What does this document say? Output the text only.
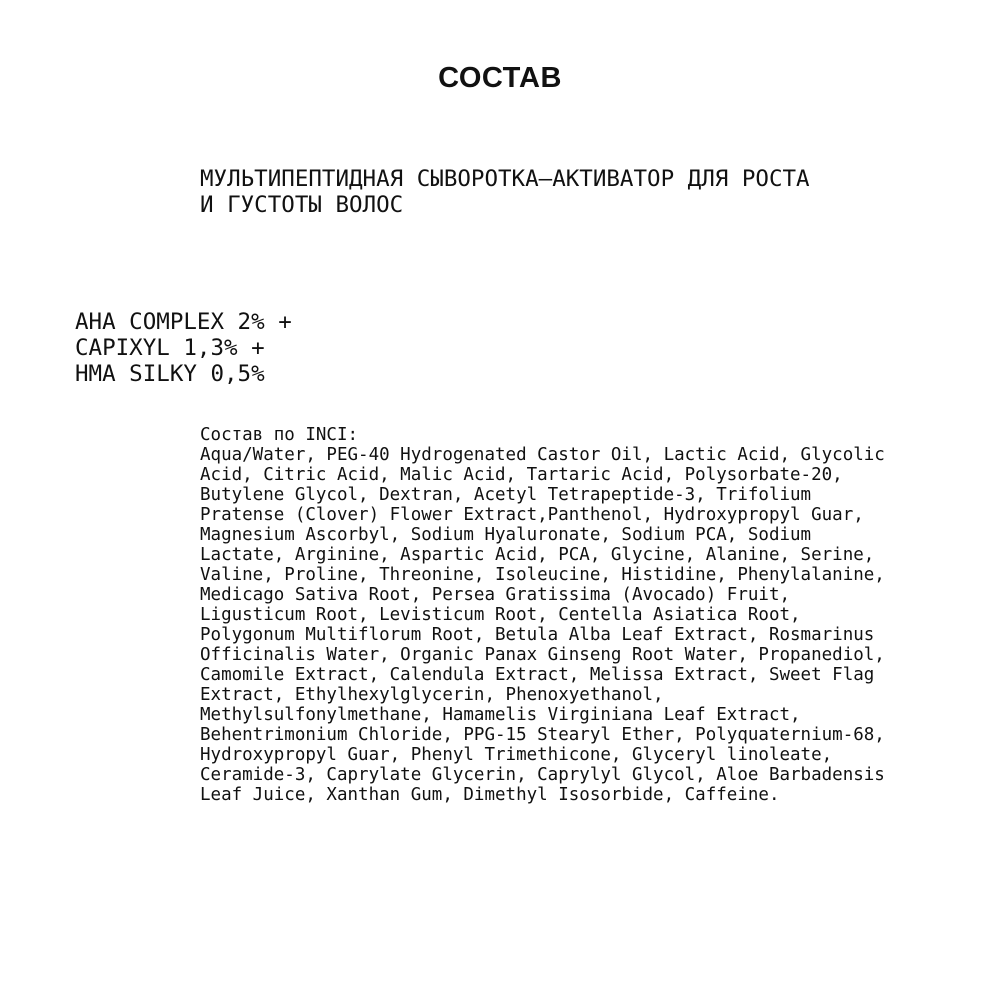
СОСТАВ

МУЛЬТИПЕПТИДНАЯ СЫВОРОТКА–АКТИВАТОР ДЛЯ РОСТА
И ГУСТОТЫ ВОЛОС

AHA COMPLEX 2% +
CAPIXYL 1,3% +
HMA SILKY 0,5%

Состав по INCI:
Aqua/Water, PEG-40 Hydrogenated Castor Oil, Lactic Acid, Glycolic
Acid, Citric Acid, Malic Acid, Tartaric Acid, Polysorbate-20,
Butylene Glycol, Dextran, Acetyl Tetrapeptide-3, Trifolium
Pratense (Clover) Flower Extract,Panthenol, Hydroxypropyl Guar,
Magnesium Ascorbyl, Sodium Hyaluronate, Sodium PCA, Sodium
Lactate, Arginine, Aspartic Acid, PCA, Glycine, Alanine, Serine,
Valine, Proline, Threonine, Isoleucine, Histidine, Phenylalanine,
Medicago Sativa Root, Persea Gratissima (Avocado) Fruit,
Ligusticum Root, Levisticum Root, Centella Asiatica Root,
Polygonum Multiflorum Root, Betula Alba Leaf Extract, Rosmarinus
Officinalis Water, Organic Panax Ginseng Root Water, Propanediol,
Camomile Extract, Calendula Extract, Melissa Extract, Sweet Flag
Extract, Ethylhexylglycerin, Phenoxyethanol,
Methylsulfonylmethane, Hamamelis Virginiana Leaf Extract,
Behentrimonium Chloride, PPG-15 Stearyl Ether, Polyquaternium-68,
Hydroxypropyl Guar, Phenyl Trimethicone, Glyceryl linoleate,
Ceramide-3, Caprylate Glycerin, Caprylyl Glycol, Aloe Barbadensis
Leaf Juice, Xanthan Gum, Dimethyl Isosorbide, Caffeine.
